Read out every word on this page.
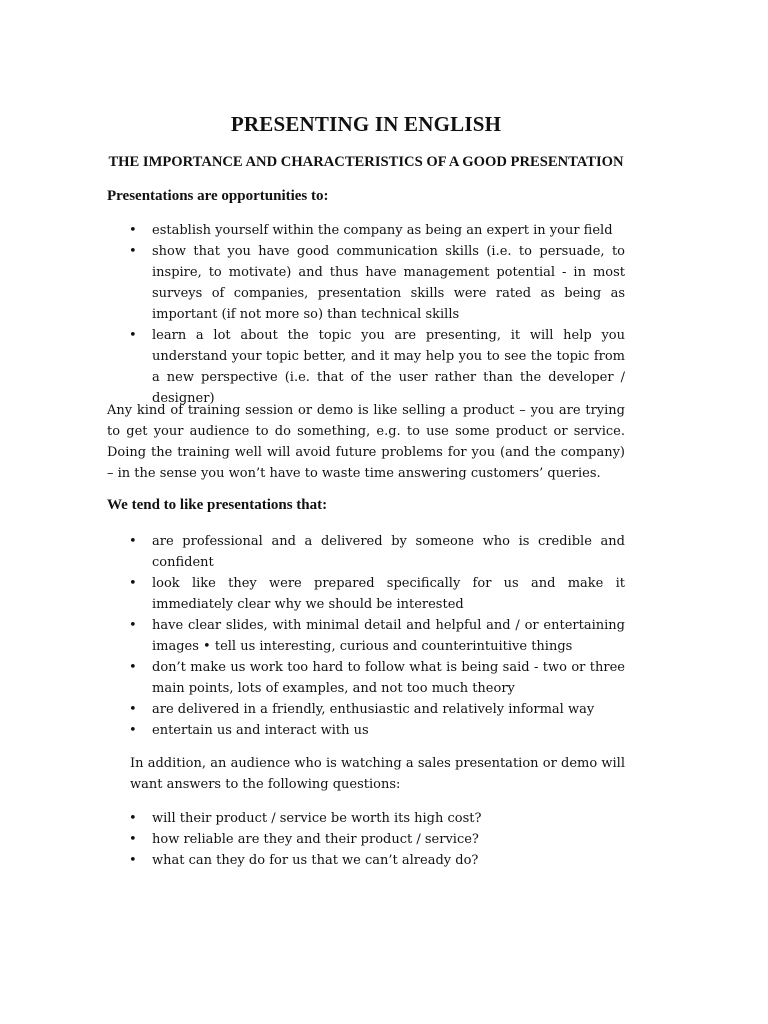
PRESENTING IN ENGLISH
THE IMPORTANCE AND CHARACTERISTICS OF A GOOD PRESENTATION
Presentations are opportunities to:
• establish yourself within the company as being an expert in your field
• show that you have good communication skills (i.e. to persuade, to inspire, to motivate) and thus have management potential - in most surveys of companies, presentation skills were rated as being as important (if not more so) than technical skills
• learn a lot about the topic you are presenting, it will help you understand your topic better, and it may help you to see the topic from a new perspective (i.e. that of the user rather than the developer / designer)
Any kind of training session or demo is like selling a product – you are trying to get your audience to do something, e.g. to use some product or service. Doing the training well will avoid future problems for you (and the company) – in the sense you won’t have to waste time answering customers’ queries.
We tend to like presentations that:
• are professional and a delivered by someone who is credible and confident
• look like they were prepared specifically for us and make it immediately clear why we should be interested
• have clear slides, with minimal detail and helpful and / or entertaining images • tell us interesting, curious and counterintuitive things
• don’t make us work too hard to follow what is being said - two or three main points, lots of examples, and not too much theory
• are delivered in a friendly, enthusiastic and relatively informal way
• entertain us and interact with us
In addition, an audience who is watching a sales presentation or demo will want answers to the following questions:
• will their product / service be worth its high cost?
• how reliable are they and their product / service?
• what can they do for us that we can’t already do?
